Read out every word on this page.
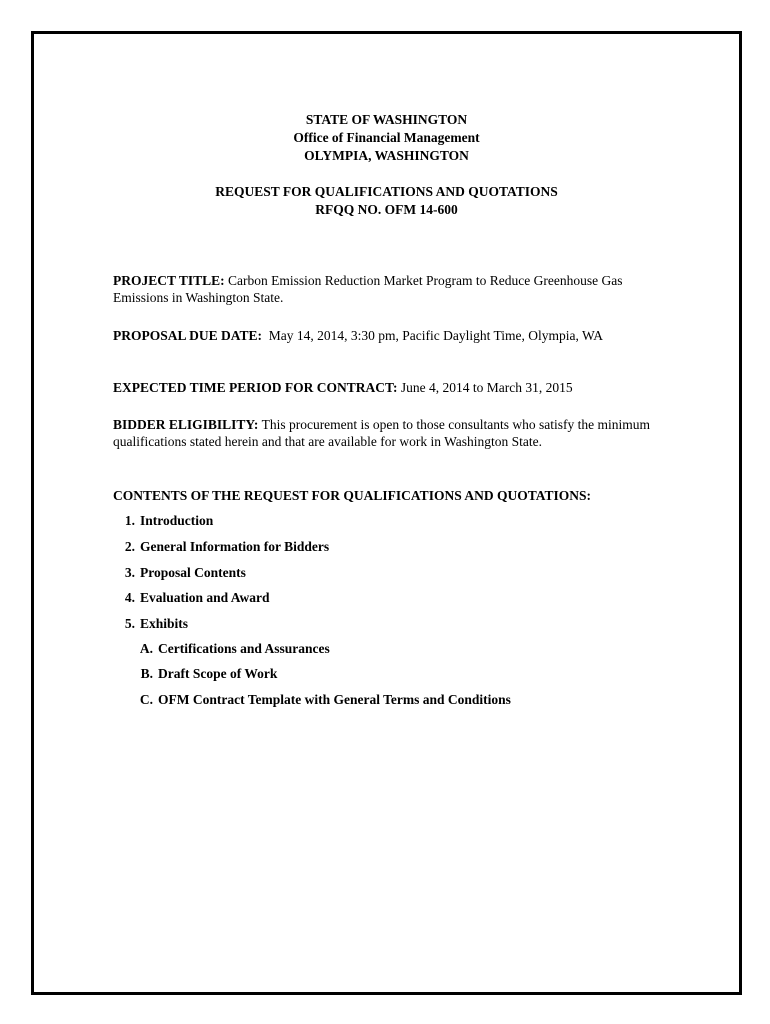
STATE OF WASHINGTON
Office of Financial Management
OLYMPIA, WASHINGTON
REQUEST FOR QUALIFICATIONS AND QUOTATIONS
RFQQ NO. OFM 14-600
PROJECT TITLE: Carbon Emission Reduction Market Program to Reduce Greenhouse Gas Emissions in Washington State.
PROPOSAL DUE DATE: May 14, 2014, 3:30 pm, Pacific Daylight Time, Olympia, WA
EXPECTED TIME PERIOD FOR CONTRACT: June 4, 2014 to March 31, 2015
BIDDER ELIGIBILITY: This procurement is open to those consultants who satisfy the minimum qualifications stated herein and that are available for work in Washington State.
CONTENTS OF THE REQUEST FOR QUALIFICATIONS AND QUOTATIONS:
1. Introduction
2. General Information for Bidders
3. Proposal Contents
4. Evaluation and Award
5. Exhibits
A. Certifications and Assurances
B. Draft Scope of Work
C. OFM Contract Template with General Terms and Conditions
